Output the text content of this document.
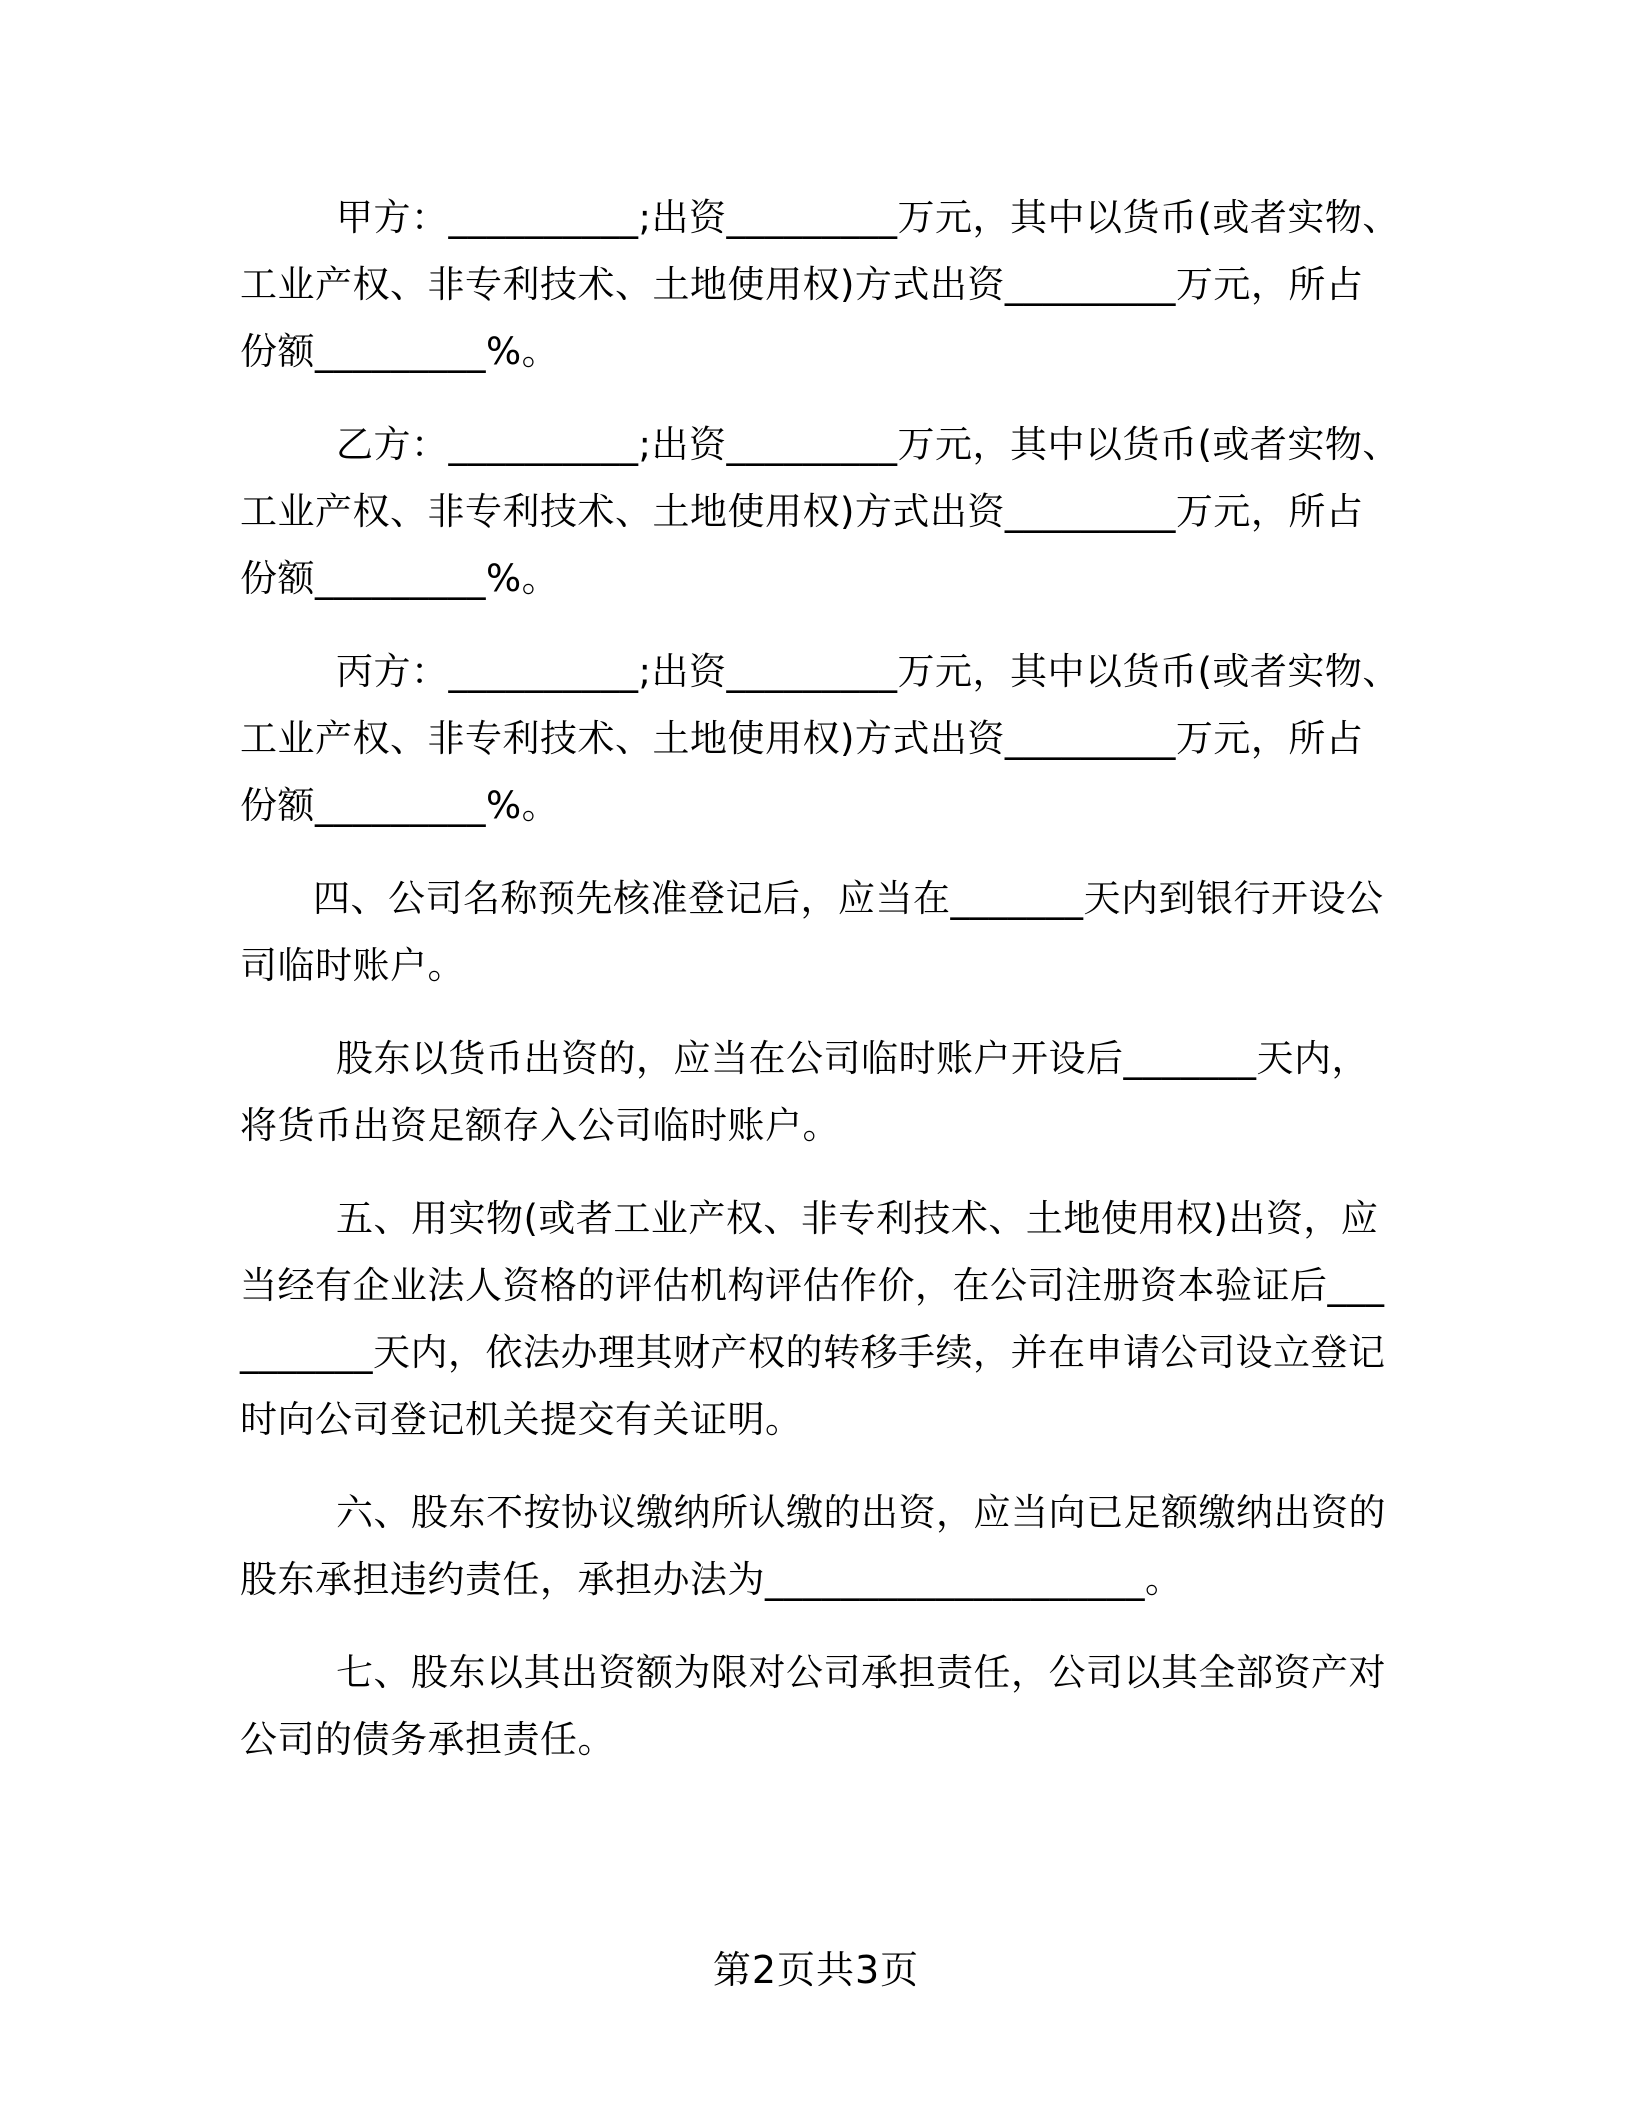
甲方：__________;出资_________万元，其中以货币(或者实物、工业产权、非专利技术、土地使用权)方式出资_________万元，所占份额_________%。

乙方：__________;出资_________万元，其中以货币(或者实物、工业产权、非专利技术、土地使用权)方式出资_________万元，所占份额_________%。

丙方：__________;出资_________万元，其中以货币(或者实物、工业产权、非专利技术、土地使用权)方式出资_________万元，所占份额_________%。

四、公司名称预先核准登记后，应当在_______天内到银行开设公司临时账户。

股东以货币出资的，应当在公司临时账户开设后_______天内，将货币出资足额存入公司临时账户。

五、用实物(或者工业产权、非专利技术、土地使用权)出资，应当经有企业法人资格的评估机构评估作价，在公司注册资本验证后__________天内，依法办理其财产权的转移手续，并在申请公司设立登记时向公司登记机关提交有关证明。

六、股东不按协议缴纳所认缴的出资，应当向已足额缴纳出资的股东承担违约责任，承担办法为____________________。

七、股东以其出资额为限对公司承担责任，公司以其全部资产对公司的债务承担责任。

第2页共3页
